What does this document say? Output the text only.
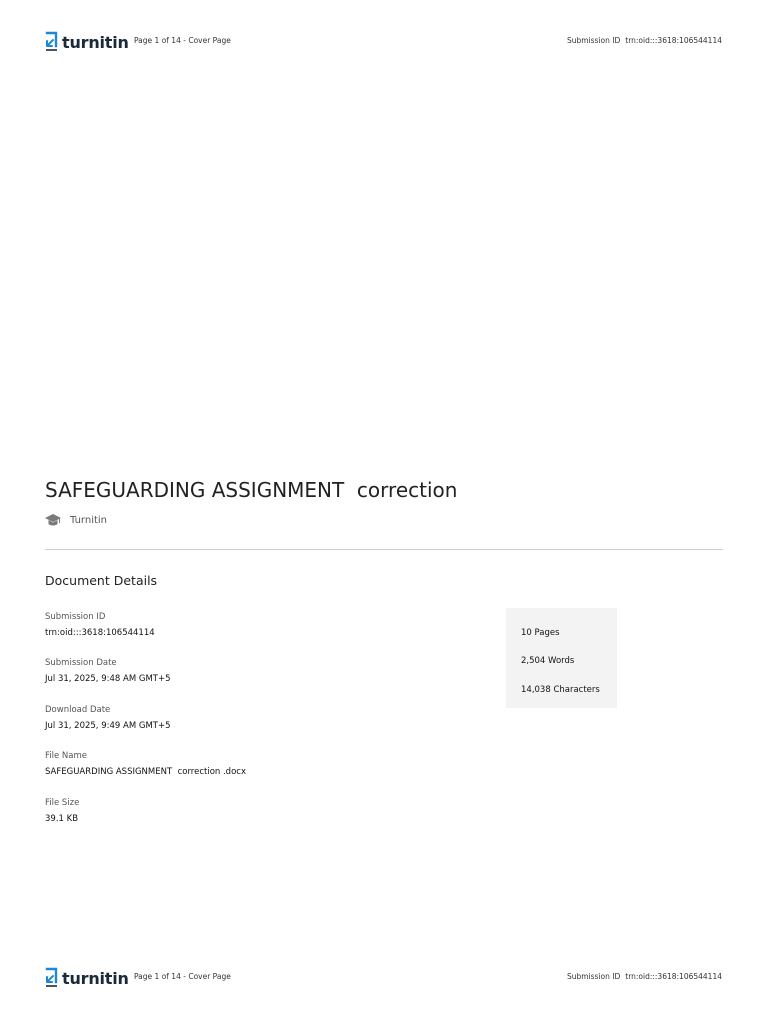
turnitin Page 1 of 14 - Cover Page	Submission ID trn:oid:::3618:106544114
SAFEGUARDING ASSIGNMENT  correction
Turnitin
Document Details
Submission ID
trn:oid:::3618:106544114
Submission Date
Jul 31, 2025, 9:48 AM GMT+5
Download Date
Jul 31, 2025, 9:49 AM GMT+5
File Name
SAFEGUARDING ASSIGNMENT  correction .docx
File Size
39.1 KB
10 Pages
2,504 Words
14,038 Characters
turnitin Page 1 of 14 - Cover Page	Submission ID trn:oid:::3618:106544114
